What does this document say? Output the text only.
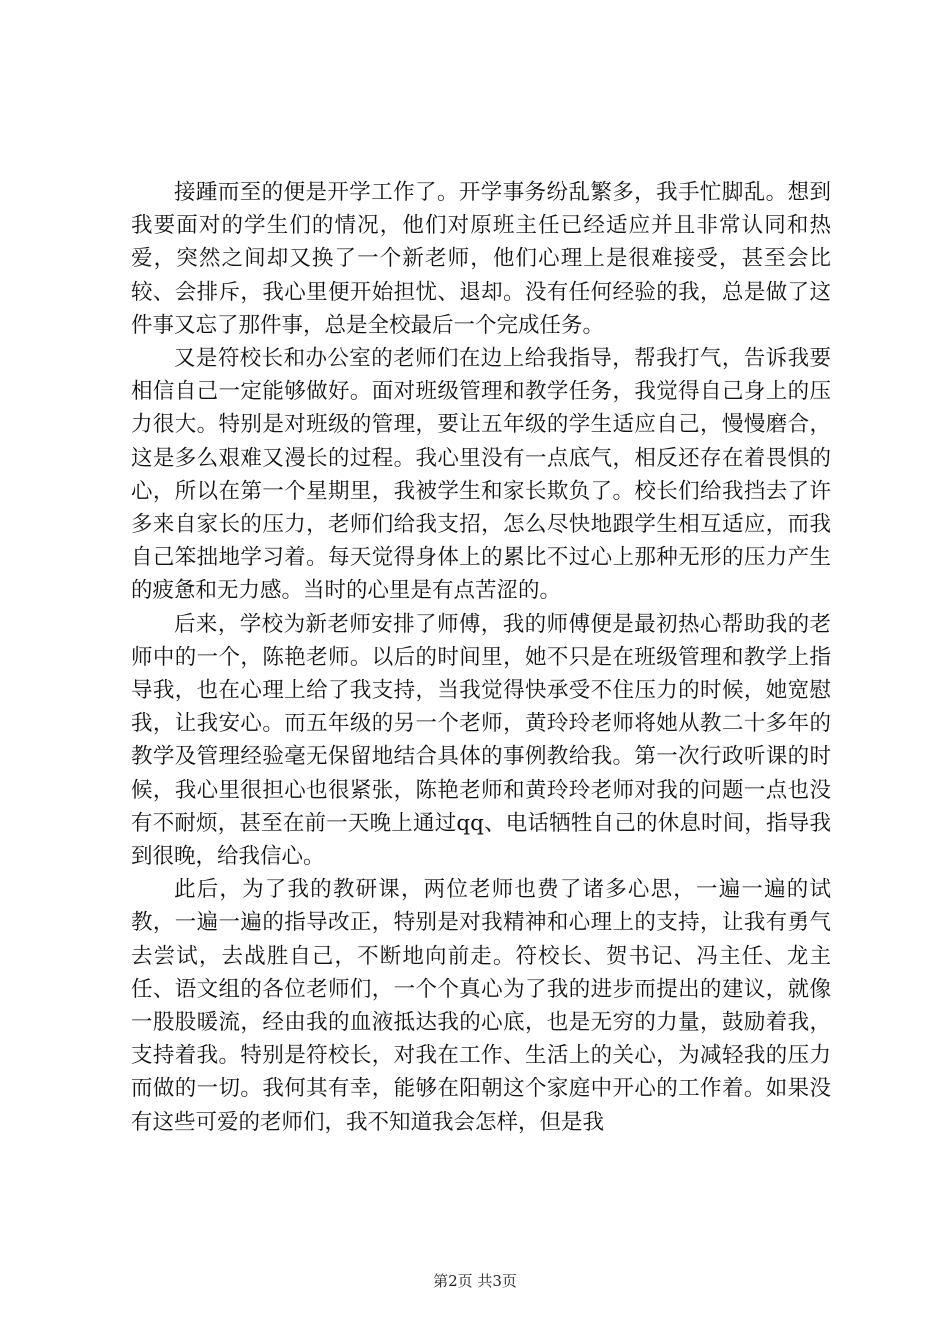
接踵而至的便是开学工作了。开学事务纷乱繁多，我手忙脚乱。想到我要面对的学生们的情况，他们对原班主任已经适应并且非常认同和热爱，突然之间却又换了一个新老师，他们心理上是很难接受，甚至会比较、会排斥，我心里便开始担忧、退却。没有任何经验的我，总是做了这件事又忘了那件事，总是全校最后一个完成任务。

又是符校长和办公室的老师们在边上给我指导，帮我打气，告诉我要相信自己一定能够做好。面对班级管理和教学任务，我觉得自己身上的压力很大。特别是对班级的管理，要让五年级的学生适应自己，慢慢磨合，这是多么艰难又漫长的过程。我心里没有一点底气，相反还存在着畏惧的心，所以在第一个星期里，我被学生和家长欺负了。校长们给我挡去了许多来自家长的压力，老师们给我支招，怎么尽快地跟学生相互适应，而我自己笨拙地学习着。每天觉得身体上的累比不过心上那种无形的压力产生的疲惫和无力感。当时的心里是有点苦涩的。

后来，学校为新老师安排了师傅，我的师傅便是最初热心帮助我的老师中的一个，陈艳老师。以后的时间里，她不只是在班级管理和教学上指导我，也在心理上给了我支持，当我觉得快承受不住压力的时候，她宽慰我，让我安心。而五年级的另一个老师，黄玲玲老师将她从教二十多年的教学及管理经验毫无保留地结合具体的事例教给我。第一次行政听课的时候，我心里很担心也很紧张，陈艳老师和黄玲玲老师对我的问题一点也没有不耐烦，甚至在前一天晚上通过qq、电话牺牲自己的休息时间，指导我到很晚，给我信心。

此后，为了我的教研课，两位老师也费了诸多心思，一遍一遍的试教，一遍一遍的指导改正，特别是对我精神和心理上的支持，让我有勇气去尝试，去战胜自己，不断地向前走。符校长、贺书记、冯主任、龙主任、语文组的各位老师们，一个个真心为了我的进步而提出的建议，就像一股股暖流，经由我的血液抵达我的心底，也是无穷的力量，鼓励着我，支持着我。特别是符校长，对我在工作、生活上的关心，为减轻我的压力而做的一切。我何其有幸，能够在阳朝这个家庭中开心的工作着。如果没有这些可爱的老师们，我不知道我会怎样，但是我

第2页 共3页
